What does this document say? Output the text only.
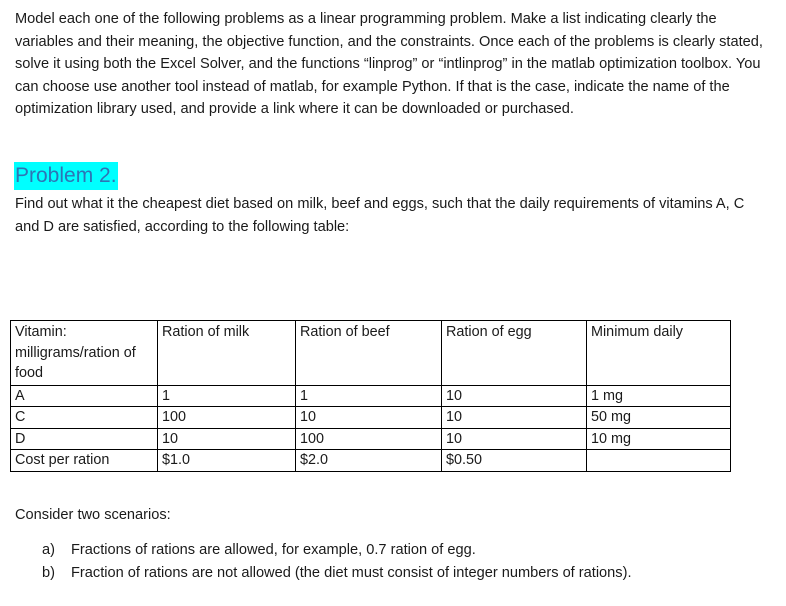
Model each one of the following problems as a linear programming problem. Make a list indicating clearly the variables and their meaning, the objective function, and the constraints. Once each of the problems is clearly stated, solve it using both the Excel Solver, and the functions “linprog” or “intlinprog” in the matlab optimization toolbox. You can choose use another tool instead of matlab, for example Python. If that is the case, indicate the name of the optimization library used, and provide a link where it can be downloaded or purchased.
Problem 2.
Find out what it the cheapest diet based on milk, beef and eggs, such that the daily requirements of vitamins A, C and D are satisfied, according to the following table:
Vitamin: milligrams/ration of food	Ration of milk	Ration of beef	Ration of egg	Minimum daily
A	1	1	10	1 mg
C	100	10	10	50 mg
D	10	100	10	10 mg
Cost per ration	$1.0	$2.0	$0.50	
Consider two scenarios:
a)	Fractions of rations are allowed, for example, 0.7 ration of egg.
b)	Fraction of rations are not allowed (the diet must consist of integer numbers of rations).
